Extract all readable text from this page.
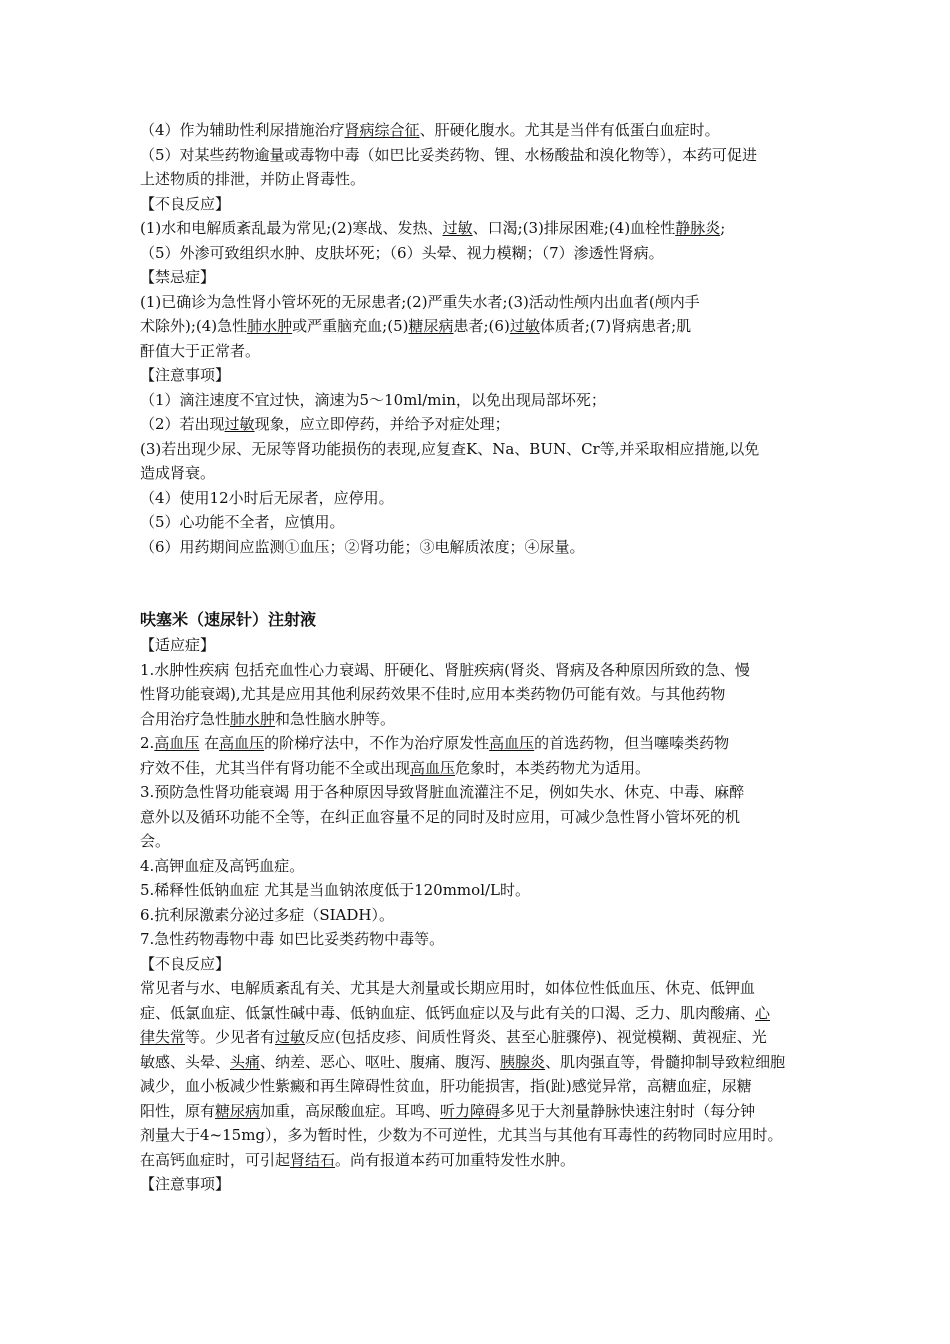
（4）作为辅助性利尿措施治疗肾病综合征、肝硬化腹水。尤其是当伴有低蛋白血症时。

（5）对某些药物逾量或毒物中毒（如巴比妥类药物、锂、水杨酸盐和溴化物等），本药可促进

上述物质的排泄，并防止肾毒性。

【不良反应】

(1)水和电解质紊乱最为常见;(2)寒战、发热、过敏、口渴;(3)排尿困难;(4)血栓性静脉炎;

（5）外渗可致组织水肿、皮肤坏死；（6）头晕、视力模糊；（7）渗透性肾病。

【禁忌症】

(1)已确诊为急性肾小管坏死的无尿患者;(2)严重失水者;(3)活动性颅内出血者(颅内手

术除外);(4)急性肺水肿或严重脑充血;(5)糖尿病患者;(6)过敏体质者;(7)肾病患者;肌

酐值大于正常者。

【注意事项】

（1）滴注速度不宜过快，滴速为5～10ml/min，以免出现局部坏死；

（2）若出现过敏现象，应立即停药，并给予对症处理；

(3)若出现少尿、无尿等肾功能损伤的表现,应复查K、Na、BUN、Cr等,并采取相应措施,以免

造成肾衰。

（4）使用12小时后无尿者，应停用。

（5）心功能不全者，应慎用。

（6）用药期间应监测①血压；②肾功能；③电解质浓度；④尿量。

呋塞米（速尿针）注射液

【适应症】

1.水肿性疾病 包括充血性心力衰竭、肝硬化、肾脏疾病(肾炎、肾病及各种原因所致的急、慢

性肾功能衰竭),尤其是应用其他利尿药效果不佳时,应用本类药物仍可能有效。与其他药物

合用治疗急性肺水肿和急性脑水肿等。

2.高血压 在高血压的阶梯疗法中，不作为治疗原发性高血压的首选药物，但当噻嗪类药物

疗效不佳，尤其当伴有肾功能不全或出现高血压危象时，本类药物尤为适用。

3.预防急性肾功能衰竭 用于各种原因导致肾脏血流灌注不足，例如失水、休克、中毒、麻醉

意外以及循环功能不全等，在纠正血容量不足的同时及时应用，可减少急性肾小管坏死的机

会。

4.高钾血症及高钙血症。

5.稀释性低钠血症 尤其是当血钠浓度低于120mmol/L时。

6.抗利尿激素分泌过多症（SIADH）。

7.急性药物毒物中毒 如巴比妥类药物中毒等。

【不良反应】

常见者与水、电解质紊乱有关、尤其是大剂量或长期应用时，如体位性低血压、休克、低钾血

症、低氯血症、低氯性碱中毒、低钠血症、低钙血症以及与此有关的口渴、乏力、肌肉酸痛、心

律失常等。少见者有过敏反应(包括皮疹、间质性肾炎、甚至心脏骤停)、视觉模糊、黄视症、光

敏感、头晕、头痛、纳差、恶心、呕吐、腹痛、腹泻、胰腺炎、肌肉强直等，骨髓抑制导致粒细胞

减少，血小板减少性紫癜和再生障碍性贫血，肝功能损害，指(趾)感觉异常，高糖血症，尿糖

阳性，原有糖尿病加重，高尿酸血症。耳鸣、听力障碍多见于大剂量静脉快速注射时（每分钟

剂量大于4~15mg），多为暂时性，少数为不可逆性，尤其当与其他有耳毒性的药物同时应用时。

在高钙血症时，可引起肾结石。尚有报道本药可加重特发性水肿。

【注意事项】
